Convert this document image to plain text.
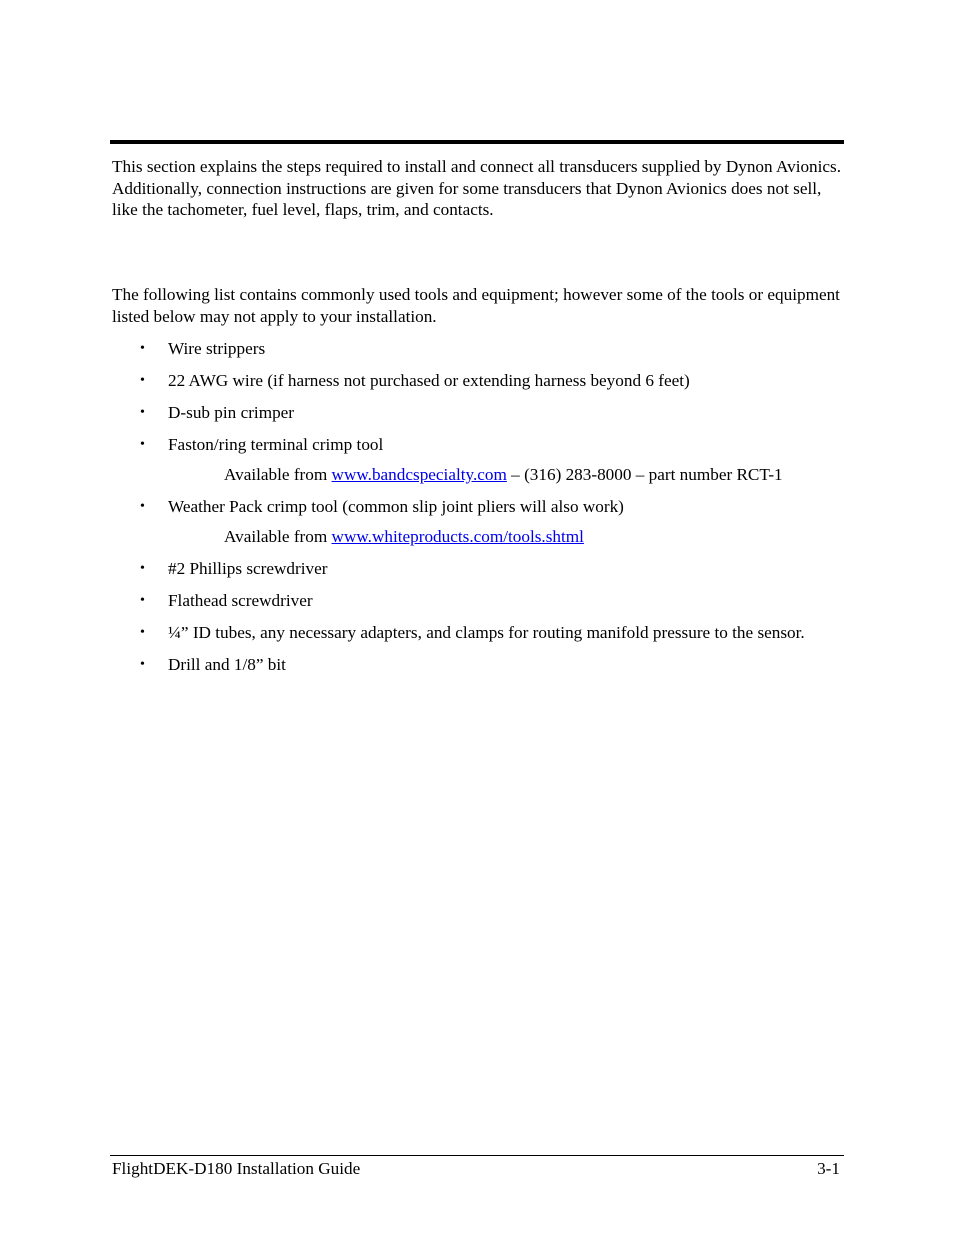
This section explains the steps required to install and connect all transducers supplied by Dynon Avionics. Additionally, connection instructions are given for some transducers that Dynon Avionics does not sell, like the tachometer, fuel level, flaps, trim, and contacts.

The following list contains commonly used tools and equipment; however some of the tools or equipment listed below may not apply to your installation.

• Wire strippers
• 22 AWG wire (if harness not purchased or extending harness beyond 6 feet)
• D-sub pin crimper
• Faston/ring terminal crimp tool
Available from www.bandcspecialty.com – (316) 283-8000 – part number RCT-1
• Weather Pack crimp tool (common slip joint pliers will also work)
Available from www.whiteproducts.com/tools.shtml
• #2 Phillips screwdriver
• Flathead screwdriver
• ¼” ID tubes, any necessary adapters, and clamps for routing manifold pressure to the sensor.
• Drill and 1/8” bit
FlightDEK-D180 Installation Guide	3-1
